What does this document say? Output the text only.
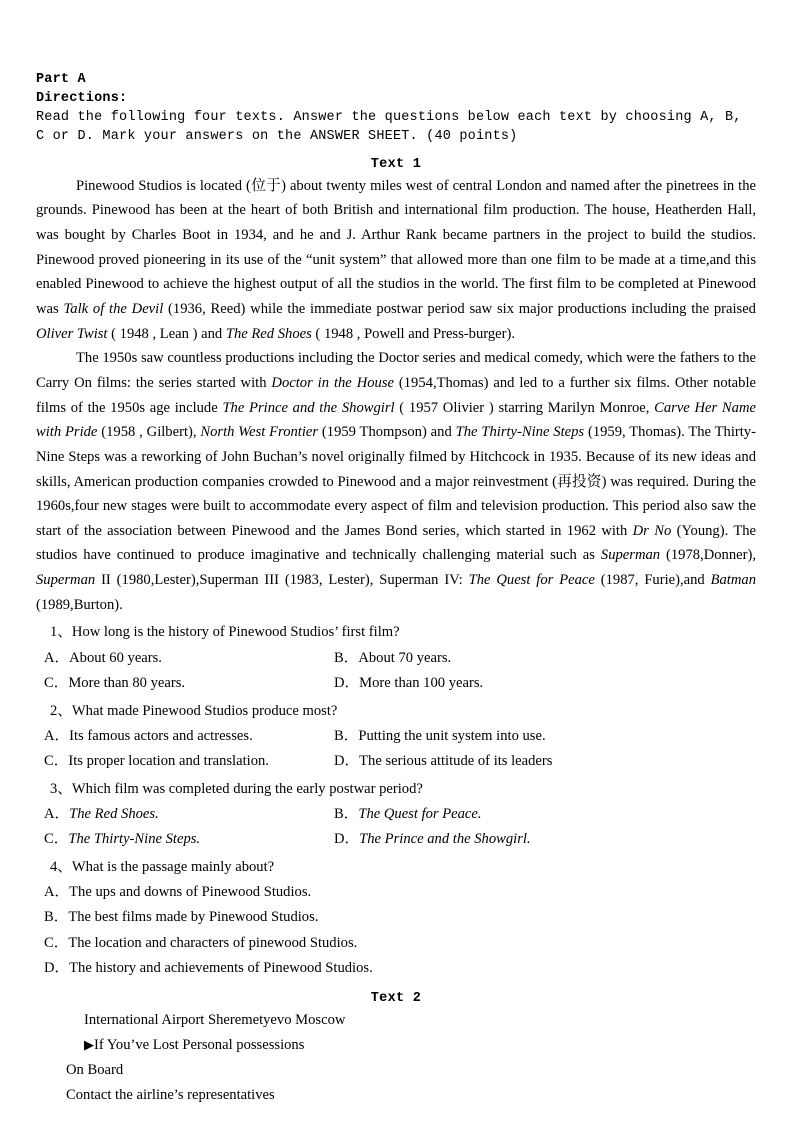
Part A
Directions:
Read the following four texts. Answer the questions below each text by choosing A, B, C or D. Mark your answers on the ANSWER SHEET. (40 points)
Text 1

Pinewood Studios is located (位于) about twenty miles west of central London and named after the pinetrees in the grounds. Pinewood has been at the heart of both British and international film production. The house, Heatherden Hall, was bought by Charles Boot in 1934, and he and J. Arthur Rank became partners in the project to build the studios. Pinewood proved pioneering in its use of the “unit system” that allowed more than one film to be made at a time,and this enabled Pinewood to achieve the highest output of all the studios in the world. The first film to be completed at Pinewood was Talk of the Devil (1936, Reed) while the immediate postwar period saw six major productions including the praised Oliver Twist ( 1948 , Lean ) and The Red Shoes ( 1948 , Powell and Press-burger).

The 1950s saw countless productions including the Doctor series and medical comedy, which were the fathers to the Carry On films: the series started with Doctor in the House (1954,Thomas) and led to a further six films. Other notable films of the 1950s age include The Prince and the Showgirl ( 1957 Olivier ) starring Marilyn Monroe, Carve Her Name with Pride (1958 , Gilbert), North West Frontier (1959 Thompson) and The Thirty-Nine Steps (1959, Thomas). The Thirty-Nine Steps was a reworking of John Buchan’s novel originally filmed by Hitchcock in 1935. Because of its new ideas and skills, American production companies crowded to Pinewood and a major reinvestment (再投资) was required. During the 1960s,four new stages were built to accommodate every aspect of film and television production. This period also saw the start of the association between Pinewood and the James Bond series, which started in 1962 with Dr No (Young). The studios have continued to produce imaginative and technically challenging material such as Superman (1978,Donner), Superman II (1980,Lester),Superman III (1983, Lester), Superman IV: The Quest for Peace (1987, Furie),and Batman (1989,Burton).

1、How long is the history of Pinewood Studios’ first film?
A．About 60 years.	B．About 70 years.
C．More than 80 years.	D．More than 100 years.
2、What made Pinewood Studios produce most?
A．Its famous actors and actresses.	B．Putting the unit system into use.
C．Its proper location and translation.	D．The serious attitude of its leaders
3、Which film was completed during the early postwar period?
A．The Red Shoes.	B．The Quest for Peace.
C．The Thirty-Nine Steps.	D．The Prince and the Showgirl.
4、What is the passage mainly about?
A．The ups and downs of Pinewood Studios.
B．The best films made by Pinewood Studios.
C．The location and characters of pinewood Studios.
D．The history and achievements of Pinewood Studios.
Text 2
International Airport Sheremetyevo Moscow
▶If You’ve Lost Personal possessions
On Board
Contact the airline’s representatives
